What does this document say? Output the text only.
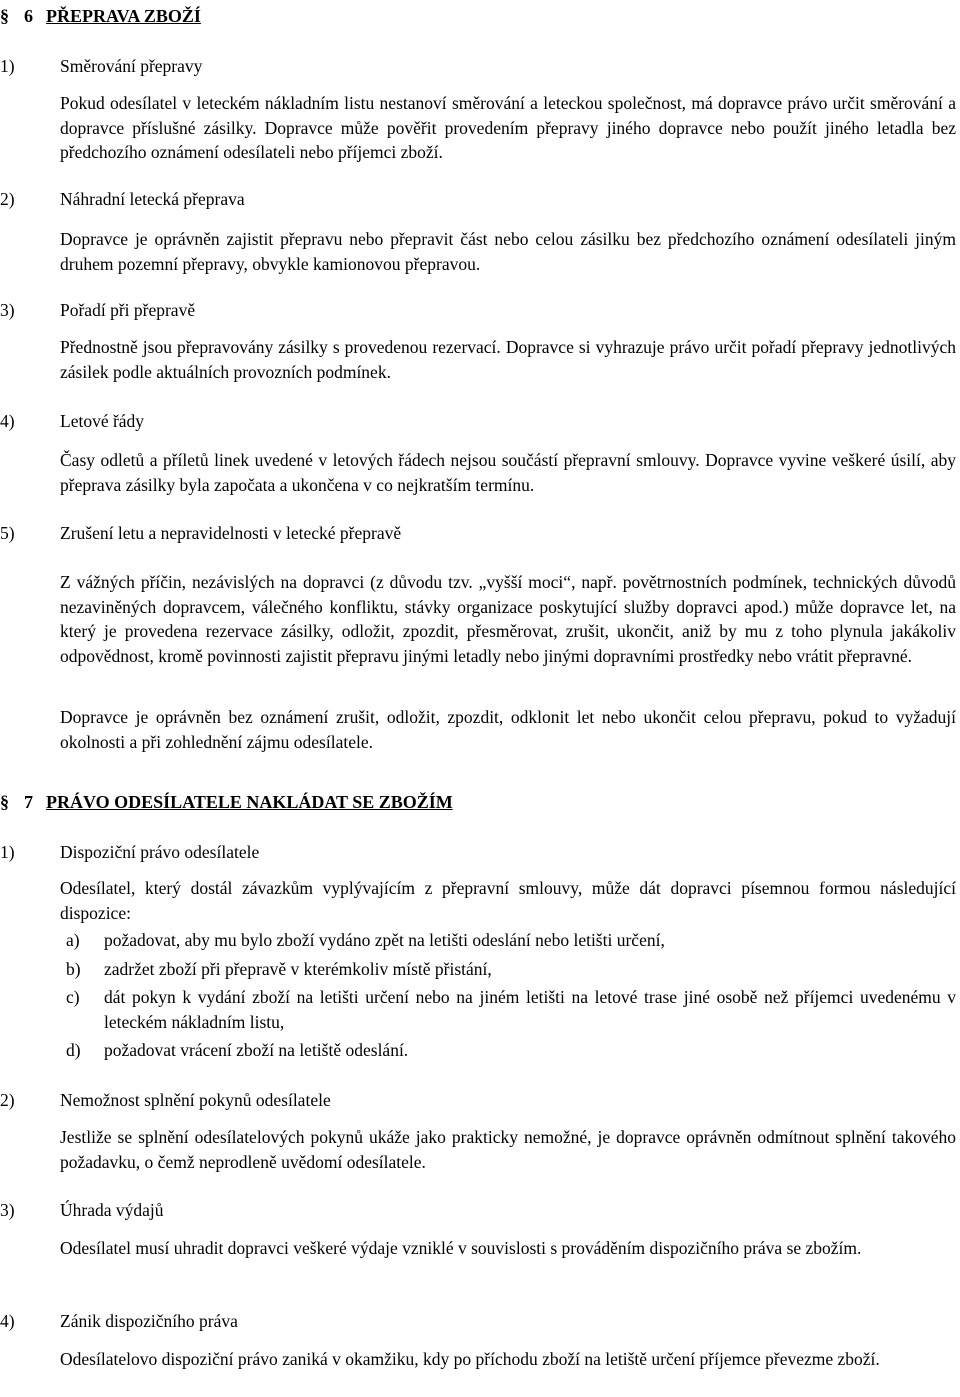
§ 6 PŘEPRAVA ZBOŽÍ
1)	Směrování přepravy
Pokud odesílatel v leteckém nákladním listu nestanoví směrování a leteckou společnost, má dopravce právo určit směrování a dopravce příslušné zásilky. Dopravce může pověřit provedením přepravy jiného dopravce nebo použít jiného letadla bez předchozího oznámení odesílateli nebo příjemci zboží.
2)	Náhradní letecká přeprava
Dopravce je oprávněn zajistit přepravu nebo přepravit část nebo celou zásilku bez předchozího oznámení odesílateli jiným druhem pozemní přepravy, obvykle kamionovou přepravou.
3)	Pořadí při přepravě
Přednostně jsou přepravovány zásilky s provedenou rezervací. Dopravce si vyhrazuje právo určit pořadí přepravy jednotlivých zásilek podle aktuálních provozních podmínek.
4)	Letové řády
Časy odletů a příletů linek uvedené v letových řádech nejsou součástí přepravní smlouvy. Dopravce vyvine veškeré úsilí, aby přeprava zásilky byla započata a ukončena v co nejkratším termínu.
5)	Zrušení letu a nepravidelnosti v letecké přepravě
Z vážných příčin, nezávislých na dopravci (z důvodu tzv. „vyšší moci“, např. povětrnostních podmínek, technických důvodů nezaviněných dopravcem, válečného konfliktu, stávky organizace poskytující služby dopravci apod.) může dopravce let, na který je provedena rezervace zásilky, odložit, zpozdit, přesměrovat, zrušit, ukončit, aniž by mu z toho plynula jakákoliv odpovědnost, kromě povinnosti zajistit přepravu jinými letadly nebo jinými dopravními prostředky nebo vrátit přepravné.
Dopravce je oprávněn bez oznámení zrušit, odložit, zpozdit, odklonit let nebo ukončit celou přepravu, pokud to vyžadují okolnosti a při zohlednění zájmu odesílatele.
§ 7 PRÁVO ODESÍLATELE NAKLÁDAT SE ZBOŽÍM
1)	Dispoziční právo odesílatele
Odesílatel, který dostál závazkům vyplývajícím z přepravní smlouvy, může dát dopravci písemnou formou následující dispozice:
a) požadovat, aby mu bylo zboží vydáno zpět na letišti odeslání nebo letišti určení,
b) zadržet zboží při přepravě v kterémkoliv místě přistání,
c) dát pokyn k vydání zboží na letišti určení nebo na jiném letišti na letové trase jiné osobě než příjemci uvedenému v leteckém nákladním listu,
d) požadovat vrácení zboží na letiště odeslání.
2)	Nemožnost splnění pokynů odesílatele
Jestliže se splnění odesílatelových pokynů ukáže jako prakticky nemožné, je dopravce oprávněn odmítnout splnění takového požadavku, o čemž neprodleně uvědomí odesílatele.
3)	Úhrada výdajů
Odesílatel musí uhradit dopravci veškeré výdaje vzniklé v souvislosti s prováděním dispozičního práva se zbožím.
4)	Zánik dispozičního práva
Odesílatelovo dispoziční právo zaniká v okamžiku, kdy po příchodu zboží na letiště určení příjemce převezme zboží.
